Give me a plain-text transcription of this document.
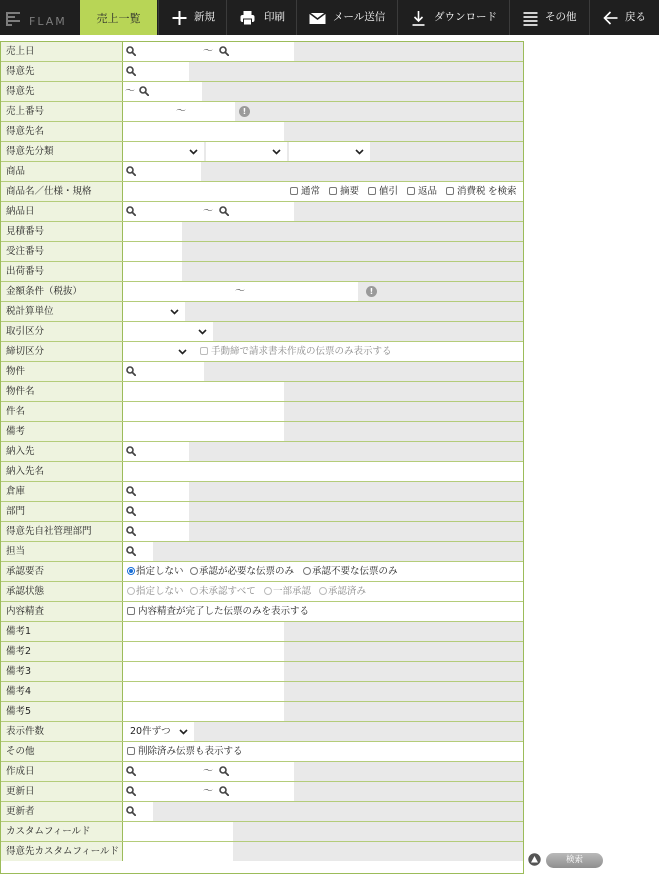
FLAM	売上一覧	新規	印刷	メール送信	ダウンロード	その他	戻る
売上日	～
得意先
得意先	～
売上番号	～	!
得意先名
得意先分類
商品
商品名／仕様・規格	通常	摘要	値引	返品	消費税 を検索
納品日	～
見積番号
受注番号
出荷番号
金額条件（税抜）	～	!
税計算単位
取引区分
締切区分	手動締で請求書未作成の伝票のみ表示する
物件
物件名
件名
備考
納入先
納入先名
倉庫
部門
得意先自社管理部門
担当
承認要否	指定しない	承認が必要な伝票のみ	承認不要な伝票のみ
承認状態	指定しない	未承認すべて	一部承認	承認済み
内容精査	内容精査が完了した伝票のみを表示する
備考1
備考2
備考3
備考4
備考5
表示件数	20件ずつ
その他	削除済み伝票も表示する
作成日	～
更新日	～
更新者
カスタムフィールド
得意先カスタムフィールド
検索
